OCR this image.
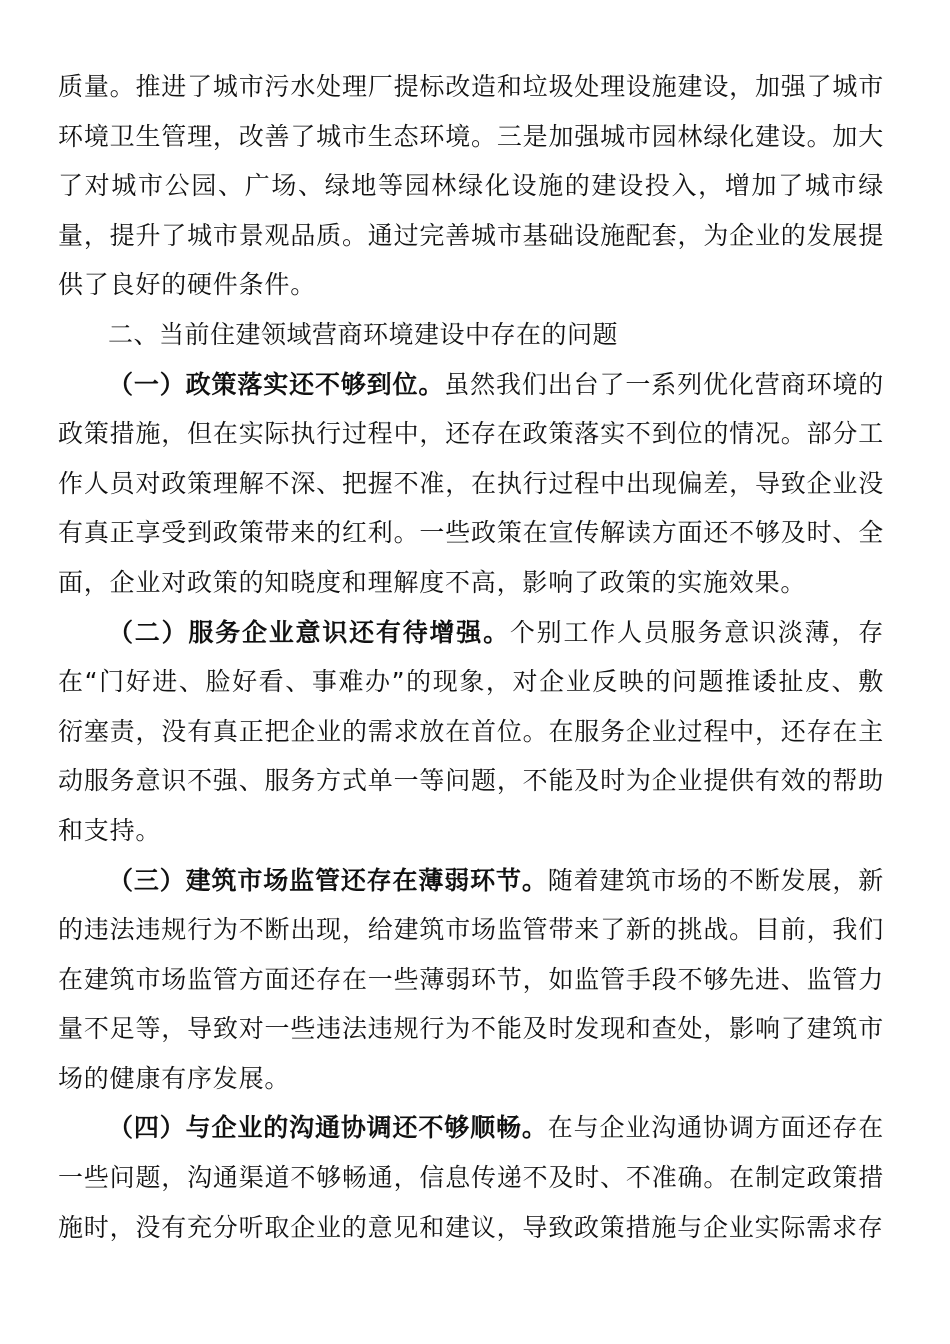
质量。推进了城市污水处理厂提标改造和垃圾处理设施建设，加强了城市环境卫生管理，改善了城市生态环境。三是加强城市园林绿化建设。加大了对城市公园、广场、绿地等园林绿化设施的建设投入，增加了城市绿量，提升了城市景观品质。通过完善城市基础设施配套，为企业的发展提供了良好的硬件条件。

二、当前住建领域营商环境建设中存在的问题

（一）政策落实还不够到位。虽然我们出台了一系列优化营商环境的政策措施，但在实际执行过程中，还存在政策落实不到位的情况。部分工作人员对政策理解不深、把握不准，在执行过程中出现偏差，导致企业没有真正享受到政策带来的红利。一些政策在宣传解读方面还不够及时、全面，企业对政策的知晓度和理解度不高，影响了政策的实施效果。

（二）服务企业意识还有待增强。个别工作人员服务意识淡薄，存在“门好进、脸好看、事难办”的现象，对企业反映的问题推诿扯皮、敷衍塞责，没有真正把企业的需求放在首位。在服务企业过程中，还存在主动服务意识不强、服务方式单一等问题，不能及时为企业提供有效的帮助和支持。

（三）建筑市场监管还存在薄弱环节。随着建筑市场的不断发展，新的违法违规行为不断出现，给建筑市场监管带来了新的挑战。目前，我们在建筑市场监管方面还存在一些薄弱环节，如监管手段不够先进、监管力量不足等，导致对一些违法违规行为不能及时发现和查处，影响了建筑市场的健康有序发展。

（四）与企业的沟通协调还不够顺畅。在与企业沟通协调方面还存在一些问题，沟通渠道不够畅通，信息传递不及时、不准确。在制定政策措施时，没有充分听取企业的意见和建议，导致政策措施与企业实际需求存
